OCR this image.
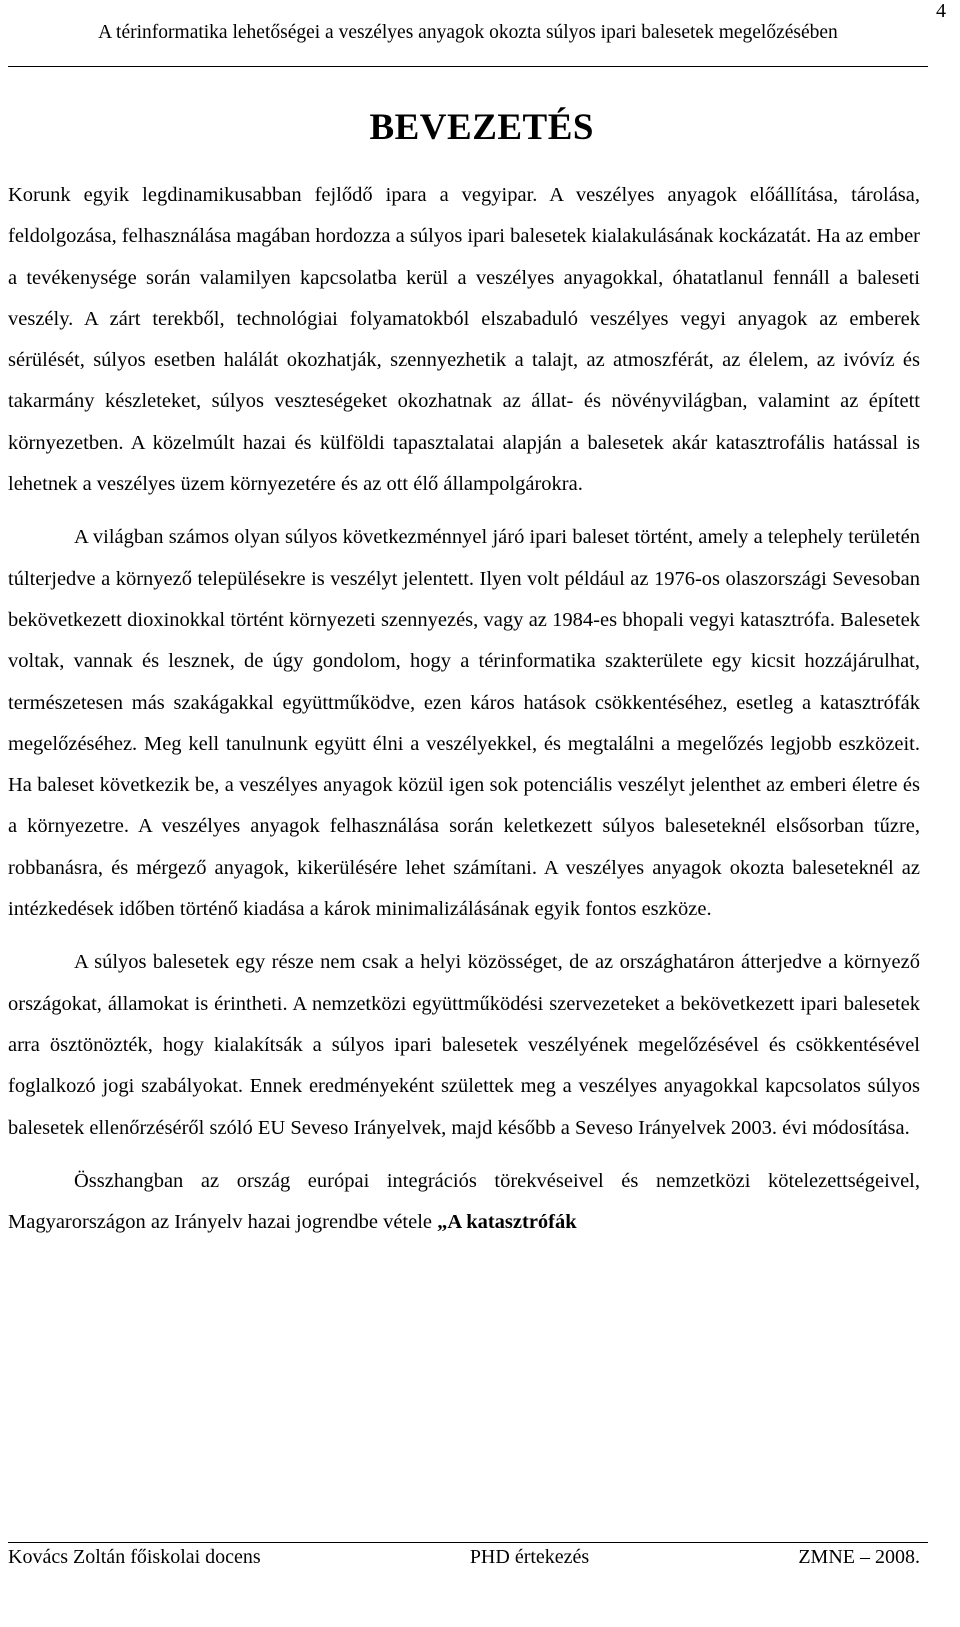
4
A térinformatika lehetőségei a veszélyes anyagok okozta súlyos ipari balesetek megelőzésében
BEVEZETÉS

Korunk egyik legdinamikusabban fejlődő ipara a vegyipar. A veszélyes anyagok előállítása, tárolása, feldolgozása, felhasználása magában hordozza a súlyos ipari balesetek kialakulásának kockázatát. Ha az ember a tevékenysége során valamilyen kapcsolatba kerül a veszélyes anyagokkal, óhatatlanul fennáll a baleseti veszély. A zárt terekből, technológiai folyamatokból elszabaduló veszélyes vegyi anyagok az emberek sérülését, súlyos esetben halálát okozhatják, szennyezhetik a talajt, az atmoszférát, az élelem, az ivóvíz és takarmány készleteket, súlyos veszteségeket okozhatnak az állat- és növényvilágban, valamint az épített környezetben. A közelmúlt hazai és külföldi tapasztalatai alapján a balesetek akár katasztrofális hatással is lehetnek a veszélyes üzem környezetére és az ott élő állampolgárokra.

A világban számos olyan súlyos következménnyel járó ipari baleset történt, amely a telephely területén túlterjedve a környező településekre is veszélyt jelentett. Ilyen volt például az 1976-os olaszországi Sevesoban bekövetkezett dioxinokkal történt környezeti szennyezés, vagy az 1984-es bhopali vegyi katasztrófa. Balesetek voltak, vannak és lesznek, de úgy gondolom, hogy a térinformatika szakterülete egy kicsit hozzájárulhat, természetesen más szakágakkal együttműködve, ezen káros hatások csökkentéséhez, esetleg a katasztrófák megelőzéséhez. Meg kell tanulnunk együtt élni a veszélyekkel, és megtalálni a megelőzés legjobb eszközeit. Ha baleset következik be, a veszélyes anyagok közül igen sok potenciális veszélyt jelenthet az emberi életre és a környezetre. A veszélyes anyagok felhasználása során keletkezett súlyos baleseteknél elsősorban tűzre, robbanásra, és mérgező anyagok, kikerülésére lehet számítani. A veszélyes anyagok okozta baleseteknél az intézkedések időben történő kiadása a károk minimalizálásának egyik fontos eszköze.

A súlyos balesetek egy része nem csak a helyi közösséget, de az országhatáron átterjedve a környező országokat, államokat is érintheti. A nemzetközi együttműködési szervezeteket a bekövetkezett ipari balesetek arra ösztönözték, hogy kialakítsák a súlyos ipari balesetek veszélyének megelőzésével és csökkentésével foglalkozó jogi szabályokat. Ennek eredményeként születtek meg a veszélyes anyagokkal kapcsolatos súlyos balesetek ellenőrzéséről szóló EU Seveso Irányelvek, majd később a Seveso Irányelvek 2003. évi módosítása.

Összhangban az ország európai integrációs törekvéseivel és nemzetközi kötelezettségeivel, Magyarországon az Irányelv hazai jogrendbe vétele „A katasztrófák

Kovács Zoltán főiskolai docens	PHD értekezés	ZMNE – 2008.
